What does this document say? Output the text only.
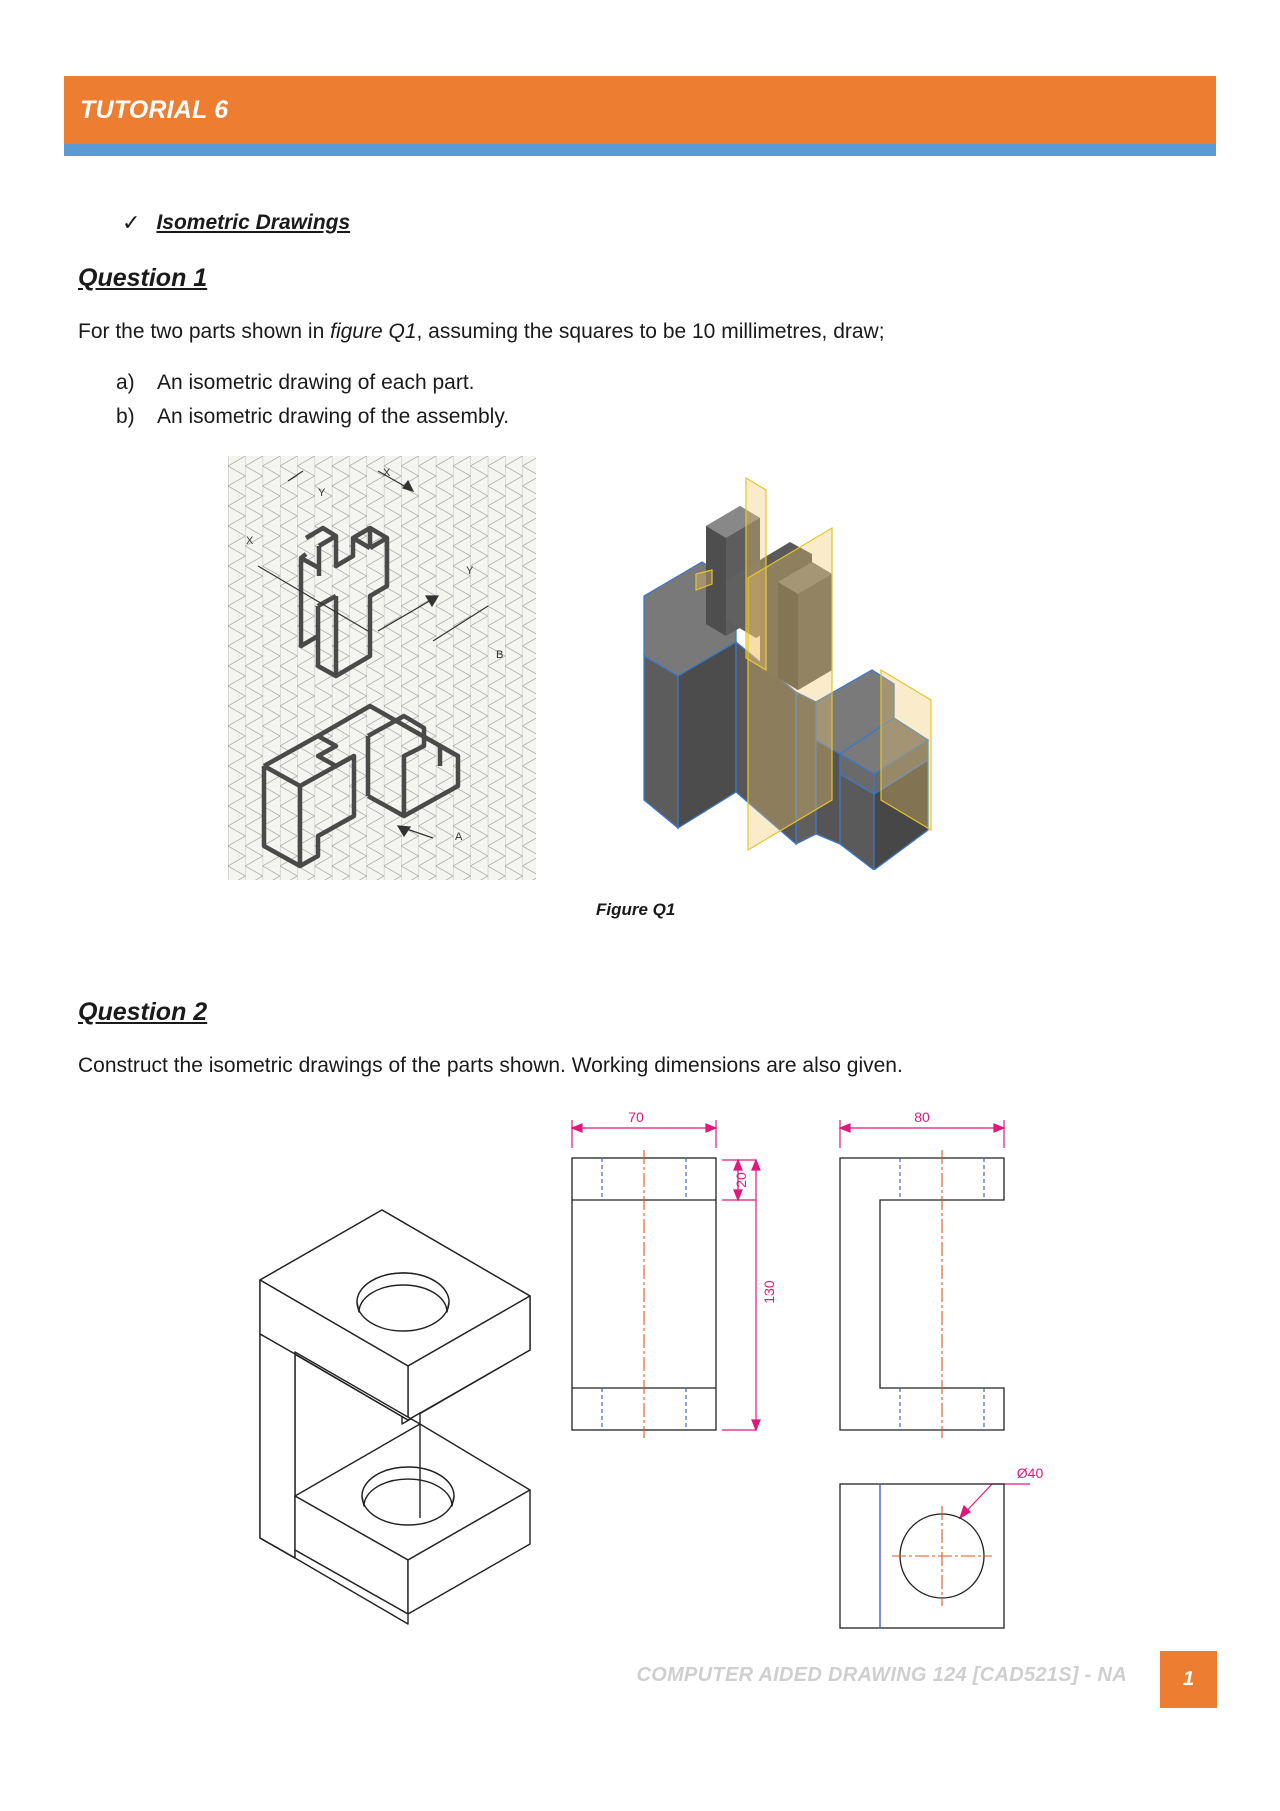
TUTORIAL 6
✓ Isometric Drawings
Question 1
For the two parts shown in figure Q1, assuming the squares to be 10 millimetres, draw;
a)	An isometric drawing of each part.
b)	An isometric drawing of the assembly.
X
Y
X
Y
B
A
Figure Q1
Question 2
Construct the isometric drawings of the parts shown. Working dimensions are also given.
70
20
130
80
Ø40
COMPUTER AIDED DRAWING 124 [CAD521S] - NA	1
